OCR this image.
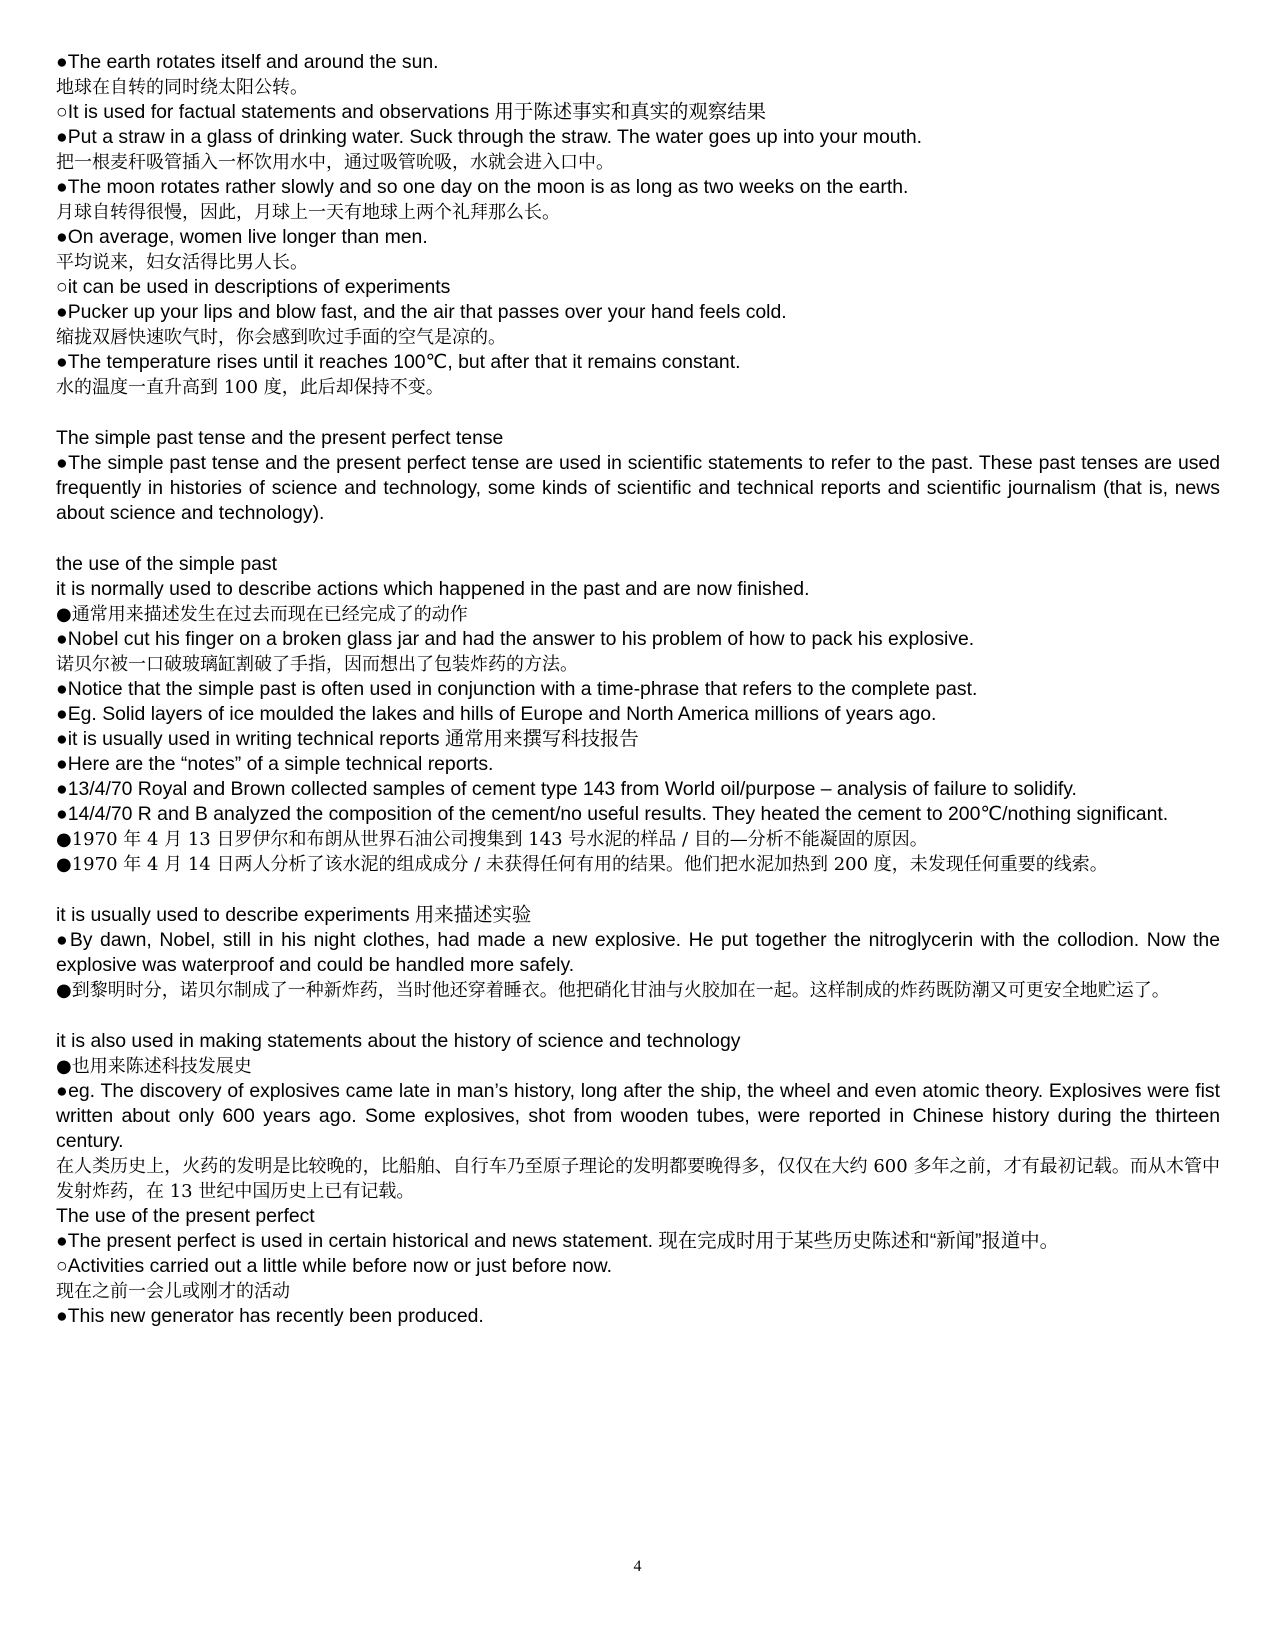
●The earth rotates itself and around the sun.
地球在自转的同时绕太阳公转。
○It is used for factual statements and observations 用于陈述事实和真实的观察结果
●Put a straw in a glass of drinking water. Suck through the straw. The water goes up into your mouth.
把一根麦秆吸管插入一杯饮用水中，通过吸管吮吸，水就会进入口中。
●The moon rotates rather slowly and so one day on the moon is as long as two weeks on the earth.
月球自转得很慢，因此，月球上一天有地球上两个礼拜那么长。
●On average, women live longer than men.
平均说来，妇女活得比男人长。
○it can be used in descriptions of experiments
●Pucker up your lips and blow fast, and the air that passes over your hand feels cold.
缩拢双唇快速吹气时，你会感到吹过手面的空气是凉的。
●The temperature rises until it reaches 100℃, but after that it remains constant.
水的温度一直升高到 100 度，此后却保持不变。
The simple past tense and the present perfect tense
●The simple past tense and the present perfect tense are used in scientific statements to refer to the past. These past tenses are used frequently in histories of science and technology, some kinds of scientific and technical reports and scientific journalism (that is, news about science and technology).
the use of the simple past
it is normally used to describe actions which happened in the past and are now finished.
●通常用来描述发生在过去而现在已经完成了的动作
●Nobel cut his finger on a broken glass jar and had the answer to his problem of how to pack his explosive.
诺贝尔被一口破玻璃缸割破了手指，因而想出了包装炸药的方法。
●Notice that the simple past is often used in conjunction with a time-phrase that refers to the complete past.
●Eg. Solid layers of ice moulded the lakes and hills of Europe and North America millions of years ago.
●it is usually used in writing technical reports 通常用来撰写科技报告
●Here are the “notes” of a simple technical reports.
●13/4/70 Royal and Brown collected samples of cement type 143 from World oil/purpose – analysis of failure to solidify.
●14/4/70 R and B analyzed the composition of the cement/no useful results. They heated the cement to 200℃/nothing significant.
●1970 年 4 月 13 日罗伊尔和布朗从世界石油公司搜集到 143 号水泥的样品 / 目的—分析不能凝固的原因。
●1970 年 4 月 14 日两人分析了该水泥的组成成分 / 未获得任何有用的结果。他们把水泥加热到 200 度，未发现任何重要的线索。
it is usually used to describe experiments 用来描述实验
●By dawn, Nobel, still in his night clothes, had made a new explosive. He put together the nitroglycerin with the collodion. Now the explosive was waterproof and could be handled more safely.
●到黎明时分，诺贝尔制成了一种新炸药，当时他还穿着睡衣。他把硝化甘油与火胶加在一起。这样制成的炸药既防潮又可更安全地贮运了。
it is also used in making statements about the history of science and technology
●也用来陈述科技发展史
●eg. The discovery of explosives came late in man’s history, long after the ship, the wheel and even atomic theory. Explosives were fist written about only 600 years ago. Some explosives, shot from wooden tubes, were reported in Chinese history during the thirteen century.
在人类历史上，火药的发明是比较晚的，比船舶、自行车乃至原子理论的发明都要晚得多，仅仅在大约 600 多年之前，才有最初记载。而从木管中发射炸药，在 13 世纪中国历史上已有记载。
The use of the present perfect
●The present perfect is used in certain historical and news statement. 现在完成时用于某些历史陈述和“新闻”报道中。
○Activities carried out a little while before now or just before now.
现在之前一会儿或刚才的活动
●This new generator has recently been produced.
4
